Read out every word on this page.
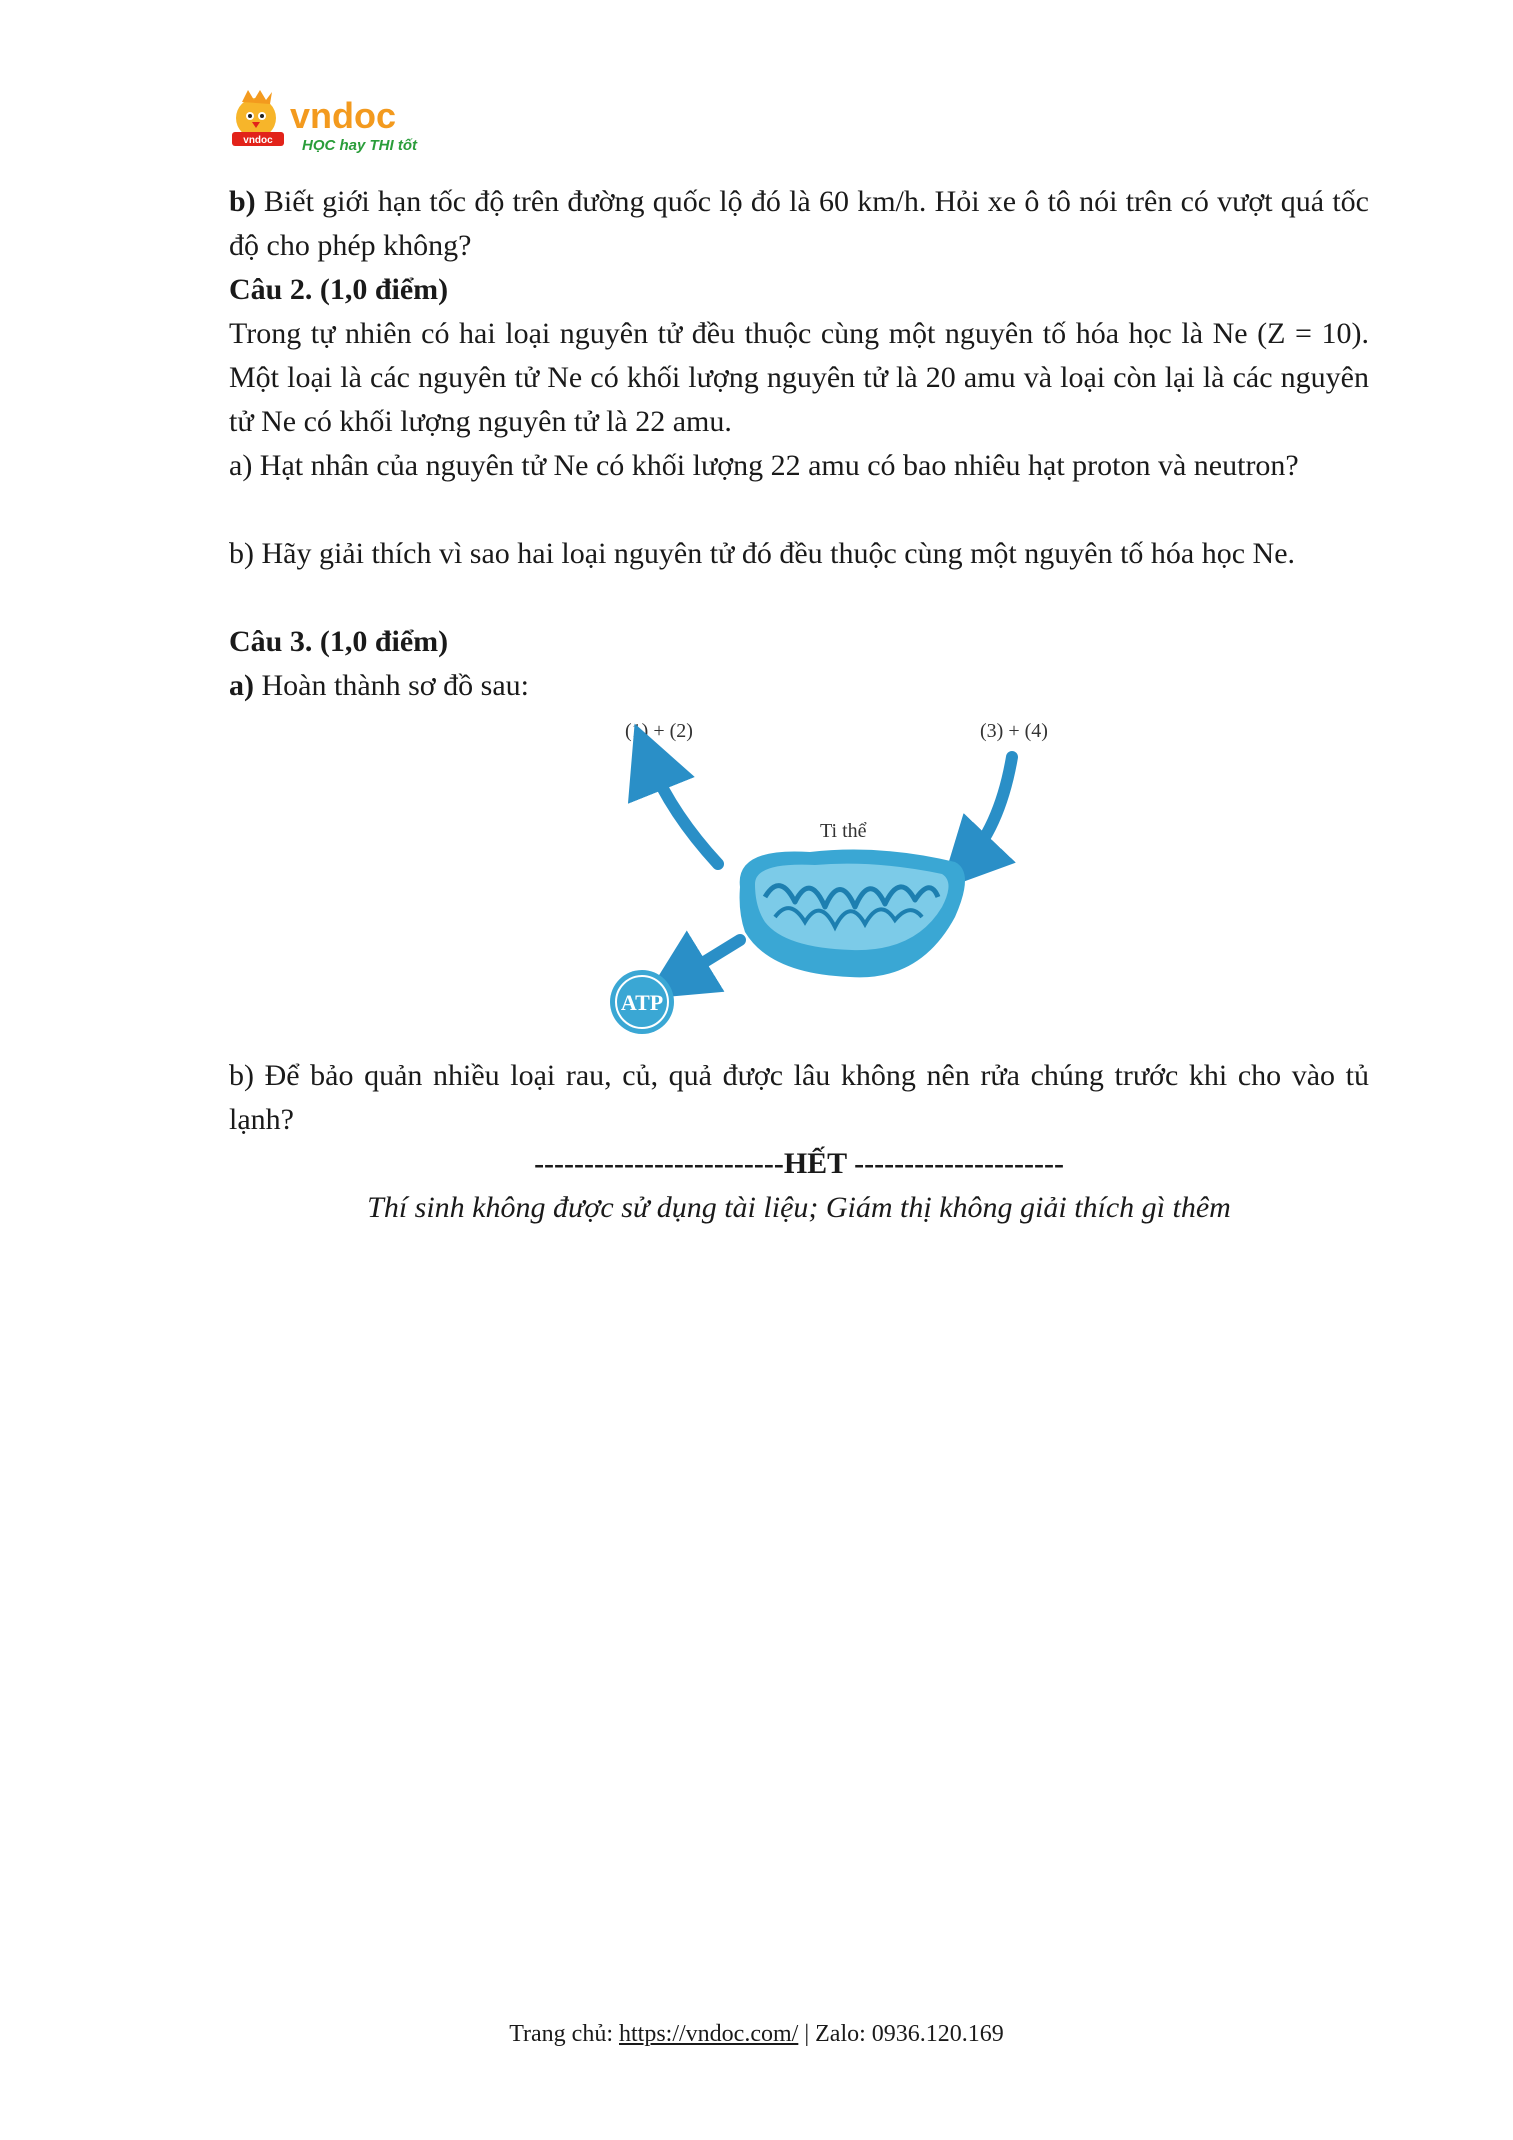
vndoc
vndoc
HỌC hay THI tốt

b) Biết giới hạn tốc độ trên đường quốc lộ đó là 60 km/h. Hỏi xe ô tô nói trên có vượt quá tốc độ cho phép không?

Câu 2. (1,0 điểm)

Trong tự nhiên có hai loại nguyên tử đều thuộc cùng một nguyên tố hóa học là Ne (Z = 10). Một loại là các nguyên tử Ne có khối lượng nguyên tử là 20 amu và loại còn lại là các nguyên tử Ne có khối lượng nguyên tử là 22 amu.

a) Hạt nhân của nguyên tử Ne có khối lượng 22 amu có bao nhiêu hạt proton và neutron?

b) Hãy giải thích vì sao hai loại nguyên tử đó đều thuộc cùng một nguyên tố hóa học Ne.

Câu 3. (1,0 điểm)

a) Hoàn thành sơ đồ sau:

(1) + (2)	(3) + (4)
Ti thể
ATP

b) Để bảo quản nhiều loại rau, củ, quả được lâu không nên rửa chúng trước khi cho vào tủ lạnh?

-------------------------HẾT ---------------------
Thí sinh không được sử dụng tài liệu; Giám thị không giải thích gì thêm
Trang chủ: https://vndoc.com/ | Zalo: 0936.120.169
